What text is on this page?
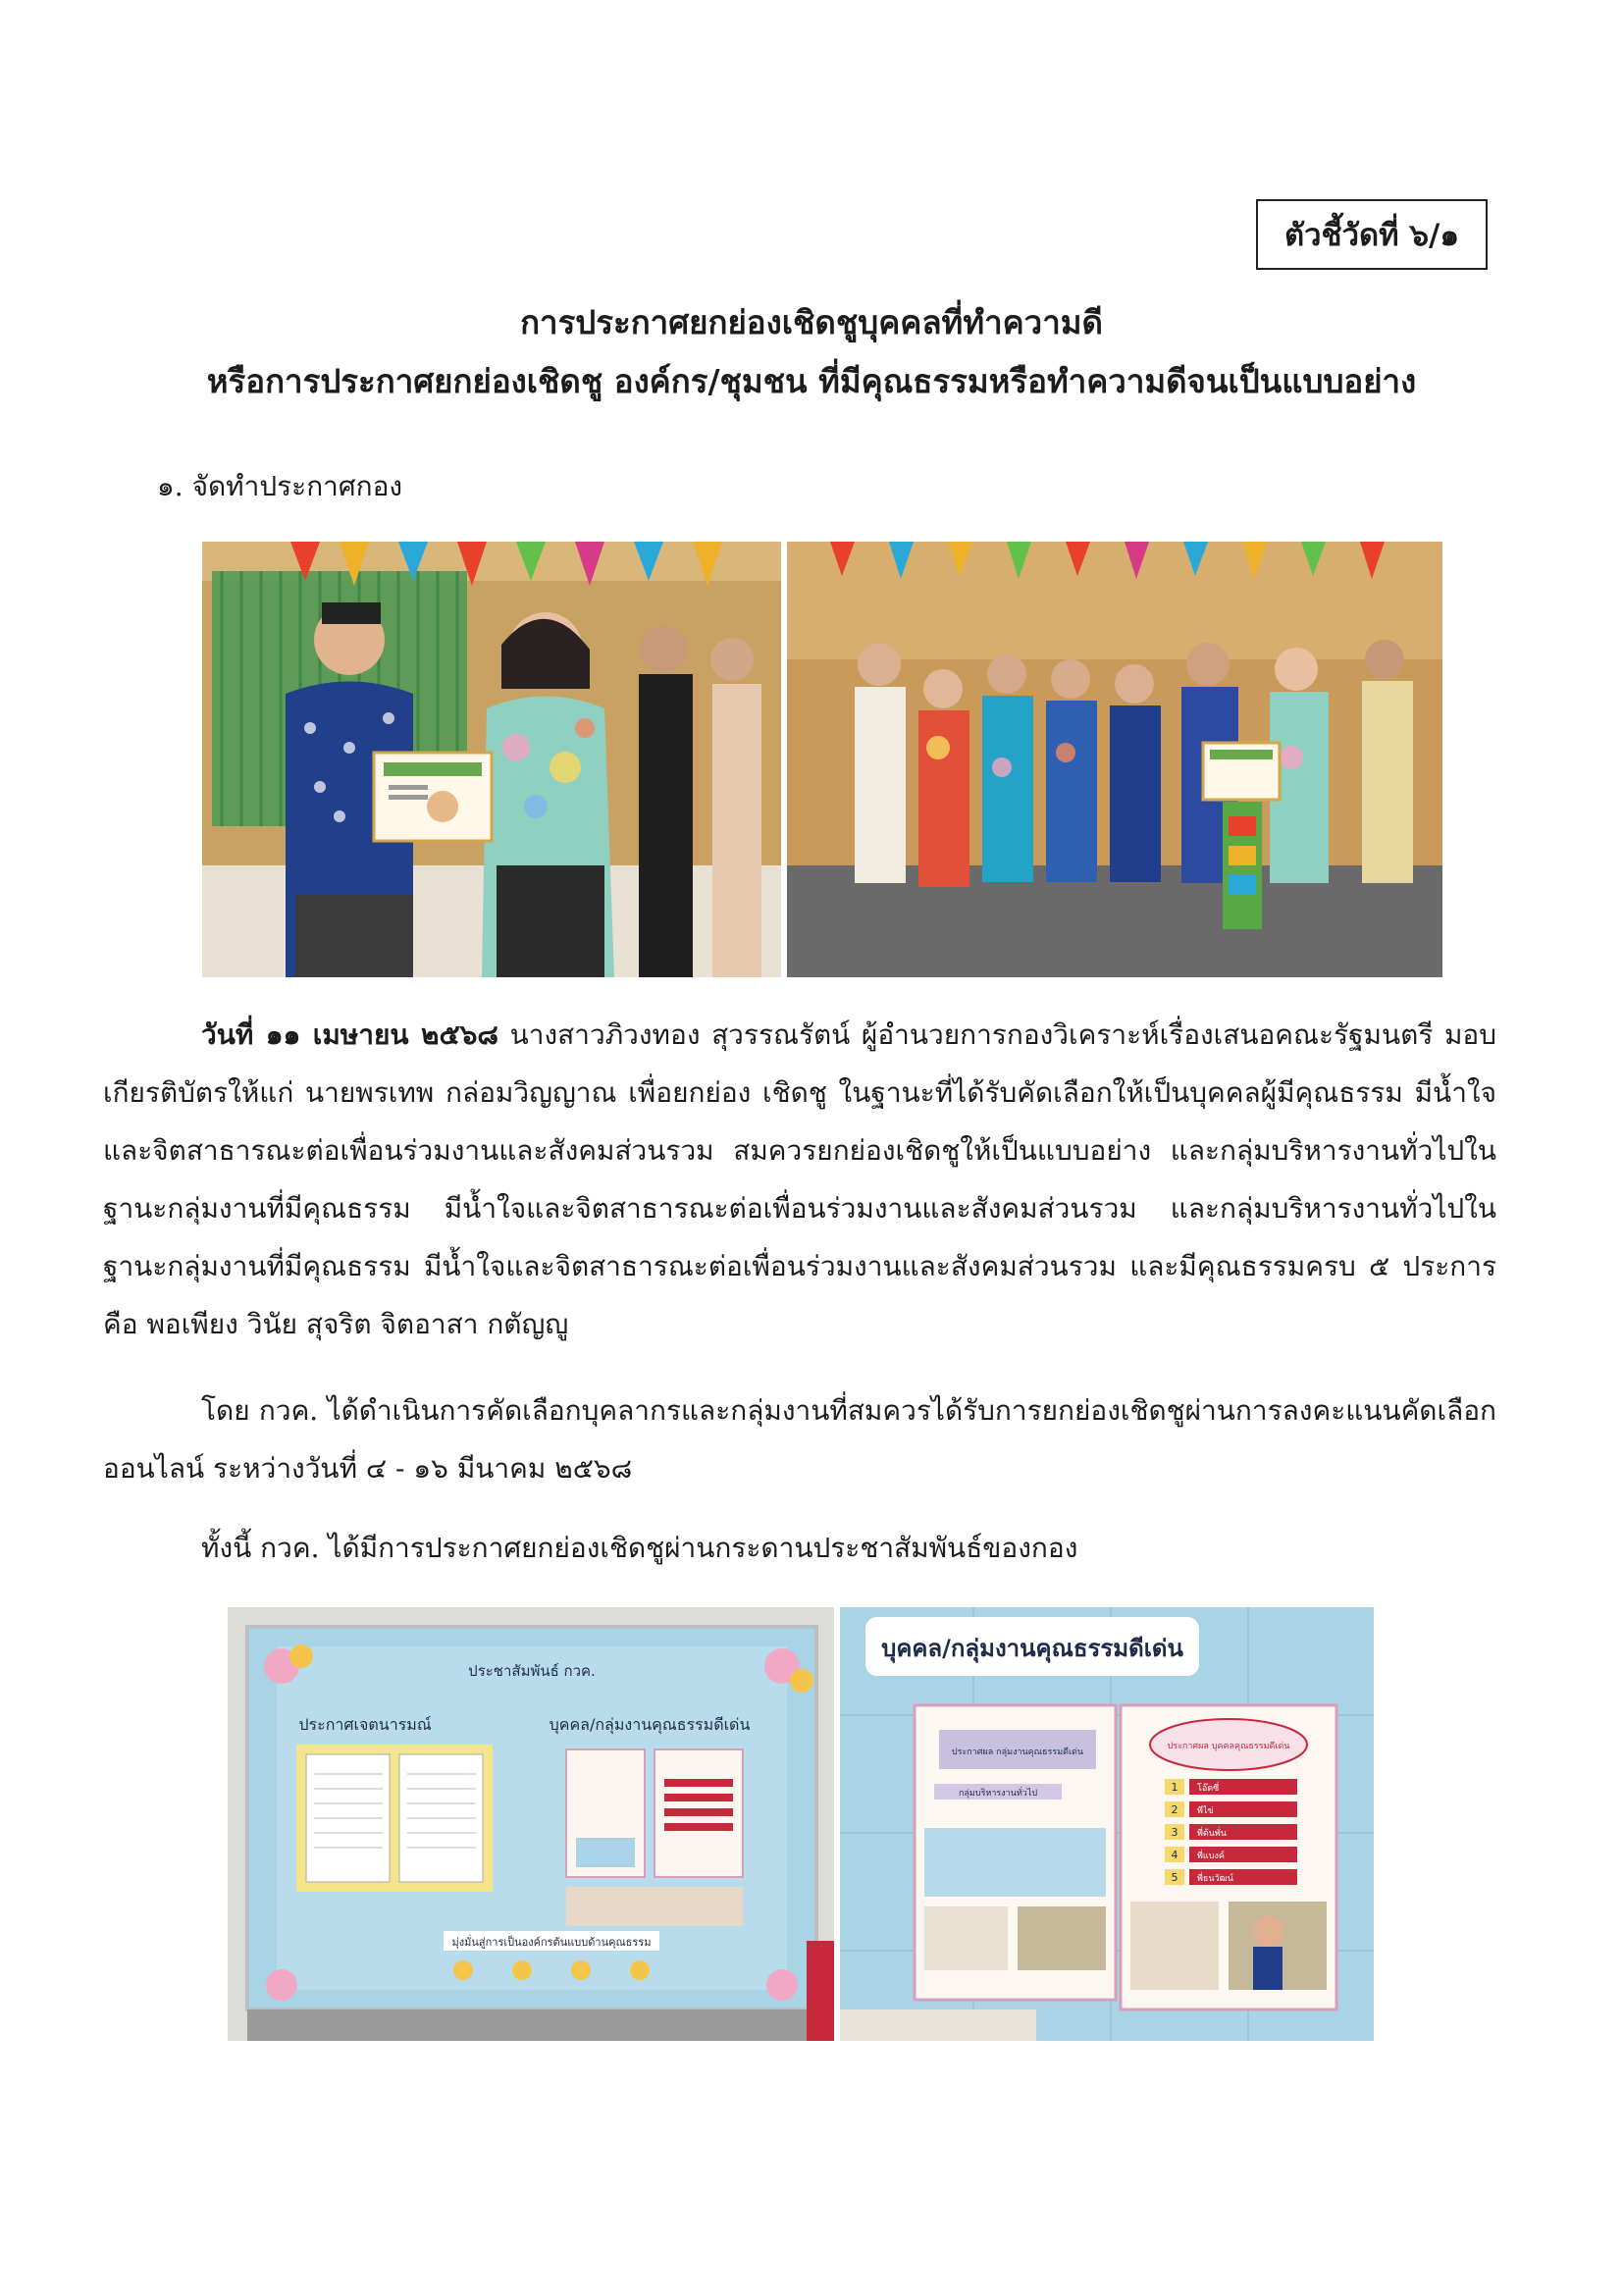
ตัวชี้วัดที่ ๖/๑
การประกาศยกย่องเชิดชูบุคคลที่ทำความดี
หรือการประกาศยกย่องเชิดชู องค์กร/ชุมชน ที่มีคุณธรรมหรือทำความดีจนเป็นแบบอย่าง
๑. จัดทำประกาศกอง
วันที่ ๑๑ เมษายน ๒๕๖๘ นางสาวภิวงทอง สุวรรณรัตน์ ผู้อำนวยการกองวิเคราะห์เรื่องเสนอคณะรัฐมนตรี มอบเกียรติบัตรให้แก่ นายพรเทพ กล่อมวิญญาณ เพื่อยกย่อง เชิดชู ในฐานะที่ได้รับคัดเลือกให้เป็นบุคคลผู้มีคุณธรรม มีน้ำใจและจิตสาธารณะต่อเพื่อนร่วมงานและสังคมส่วนรวม สมควรยกย่องเชิดชูให้เป็นแบบอย่าง และกลุ่มบริหารงานทั่วไปในฐานะกลุ่มงานที่มีคุณธรรม มีน้ำใจและจิตสาธารณะต่อเพื่อนร่วมงานและสังคมส่วนรวม และกลุ่มบริหารงานทั่วไปในฐานะกลุ่มงานที่มีคุณธรรม มีน้ำใจและจิตสาธารณะต่อเพื่อนร่วมงานและสังคมส่วนรวม และมีคุณธรรมครบ ๕ ประการ คือ พอเพียง วินัย สุจริต จิตอาสา กตัญญู
โดย กวค. ได้ดำเนินการคัดเลือกบุคลากรและกลุ่มงานที่สมควรได้รับการยกย่องเชิดชูผ่านการลงคะแนนคัดเลือกออนไลน์ ระหว่างวันที่ ๔ - ๑๖ มีนาคม ๒๕๖๘
ทั้งนี้ กวค. ได้มีการประกาศยกย่องเชิดชูผ่านกระดานประชาสัมพันธ์ของกอง
ประชาสัมพันธ์ กวค.
ประกาศเจตนารมณ์	บุคคล/กลุ่มงานคุณธรรมดีเด่น
มุ่งมั่นสู่การเป็นองค์กรต้นแบบด้านคุณธรรม
บุคคล/กลุ่มงานคุณธรรมดีเด่น
ประกาศผล กลุ่มงานคุณธรรมดีเด่น
กลุ่มบริหารงานทั่วไป
ประกาศผล บุคคลคุณธรรมดีเด่น
1
2
3
4
5
โอ๊ตซี่
พีไข่
พี่ต้นพั่น
พี่แบงค์
พี่ธนวัฒน์
